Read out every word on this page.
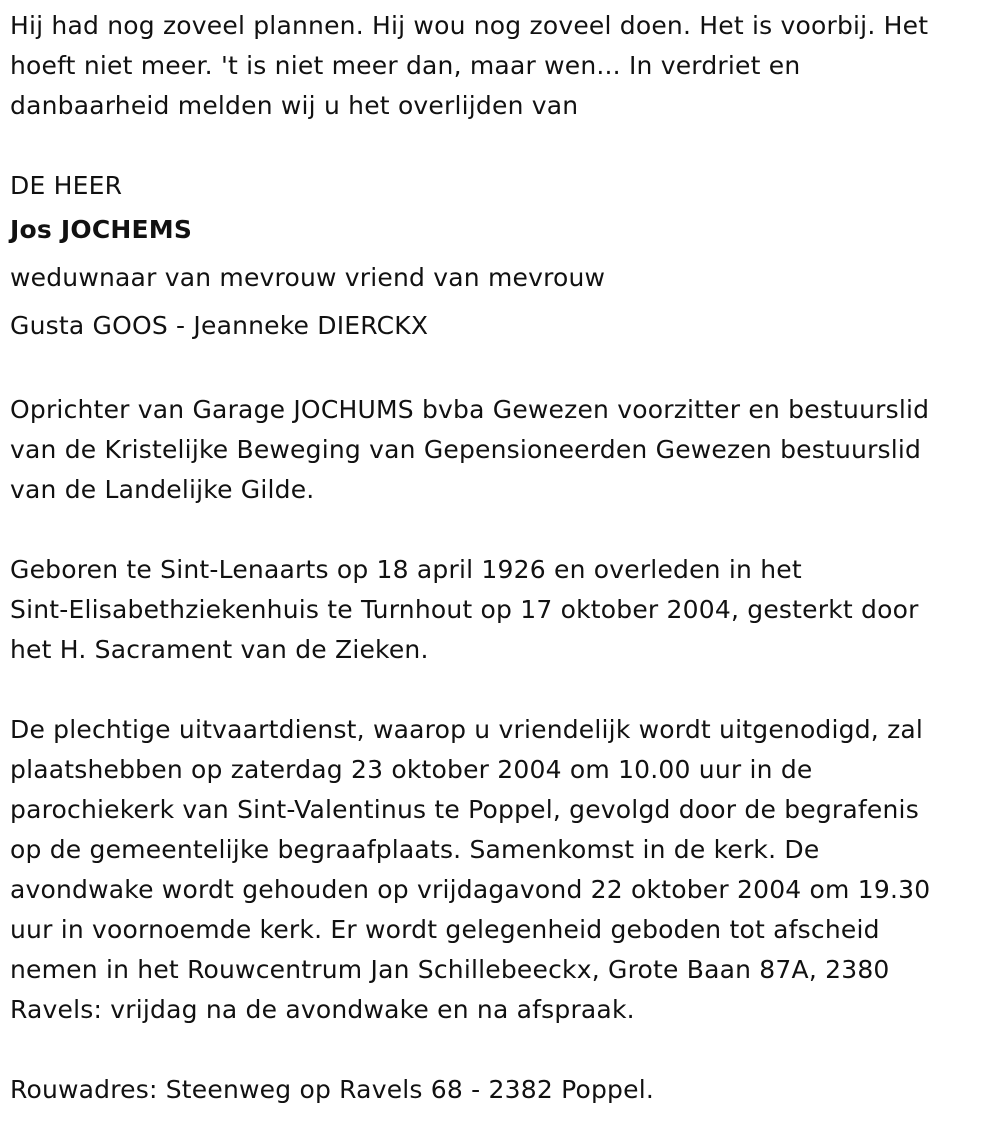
Hij had nog zoveel plannen. Hij wou nog zoveel doen. Het is voorbij. Het
hoeft niet meer. 't is niet meer dan, maar wen... In verdriet en
danbaarheid melden wij u het overlijden van

DE HEER
Jos JOCHEMS
weduwnaar van mevrouw vriend van mevrouw
Gusta GOOS - Jeanneke DIERCKX

Oprichter van Garage JOCHUMS bvba Gewezen voorzitter en bestuurslid
van de Kristelijke Beweging van Gepensioneerden Gewezen bestuurslid
van de Landelijke Gilde.

Geboren te Sint-Lenaarts op 18 april 1926 en overleden in het
Sint-Elisabethziekenhuis te Turnhout op 17 oktober 2004, gesterkt door
het H. Sacrament van de Zieken.

De plechtige uitvaartdienst, waarop u vriendelijk wordt uitgenodigd, zal
plaatshebben op zaterdag 23 oktober 2004 om 10.00 uur in de
parochiekerk van Sint-Valentinus te Poppel, gevolgd door de begrafenis
op de gemeentelijke begraafplaats. Samenkomst in de kerk. De
avondwake wordt gehouden op vrijdagavond 22 oktober 2004 om 19.30
uur in voornoemde kerk. Er wordt gelegenheid geboden tot afscheid
nemen in het Rouwcentrum Jan Schillebeeckx, Grote Baan 87A, 2380
Ravels: vrijdag na de avondwake en na afspraak.

Rouwadres: Steenweg op Ravels 68 - 2382 Poppel.
